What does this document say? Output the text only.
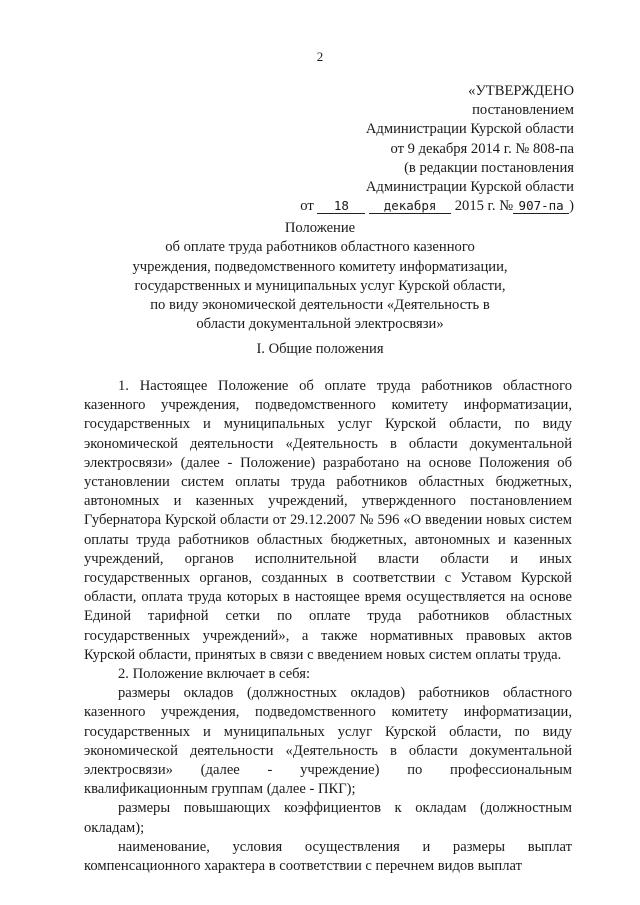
2
«УТВЕРЖДЕНО
постановлением
Администрации Курской области
от 9 декабря 2014 г. № 808-па
(в редакции постановления
Администрации Курской области
от 18	декабря 2015 г. № 907-па )
Положение
об оплате труда работников областного казенного
учреждения, подведомственного комитету информатизации,
государственных и муниципальных услуг Курской области,
по виду экономической деятельности «Деятельность в
области документальной электросвязи»
I. Общие положения

1. Настоящее Положение об оплате труда работников областного казенного учреждения, подведомственного комитету информатизации, государственных и муниципальных услуг Курской области, по виду экономической деятельности «Деятельность в области документальной электросвязи» (далее - Положение) разработано на основе Положения об установлении систем оплаты труда работников областных бюджетных, автономных и казенных учреждений, утвержденного постановлением Губернатора Курской области от 29.12.2007 № 596 «О введении новых систем оплаты труда работников областных бюджетных, автономных и казенных учреждений, органов исполнительной власти области и иных государственных органов, созданных в соответствии с Уставом Курской области, оплата труда которых в настоящее время осуществляется на основе Единой тарифной сетки по оплате труда работников областных государственных учреждений», а также нормативных правовых актов Курской области, принятых в связи с введением новых систем оплаты труда.

2. Положение включает в себя:

размеры окладов (должностных окладов) работников областного казенного учреждения, подведомственного комитету информатизации, государственных и муниципальных услуг Курской области, по виду экономической деятельности «Деятельность в области документальной электросвязи» (далее - учреждение) по профессиональным квалификационным группам (далее - ПКГ);

размеры повышающих коэффициентов к окладам (должностным окладам);

наименование, условия осуществления и размеры выплат компенсационного характера в соответствии с перечнем видов выплат
